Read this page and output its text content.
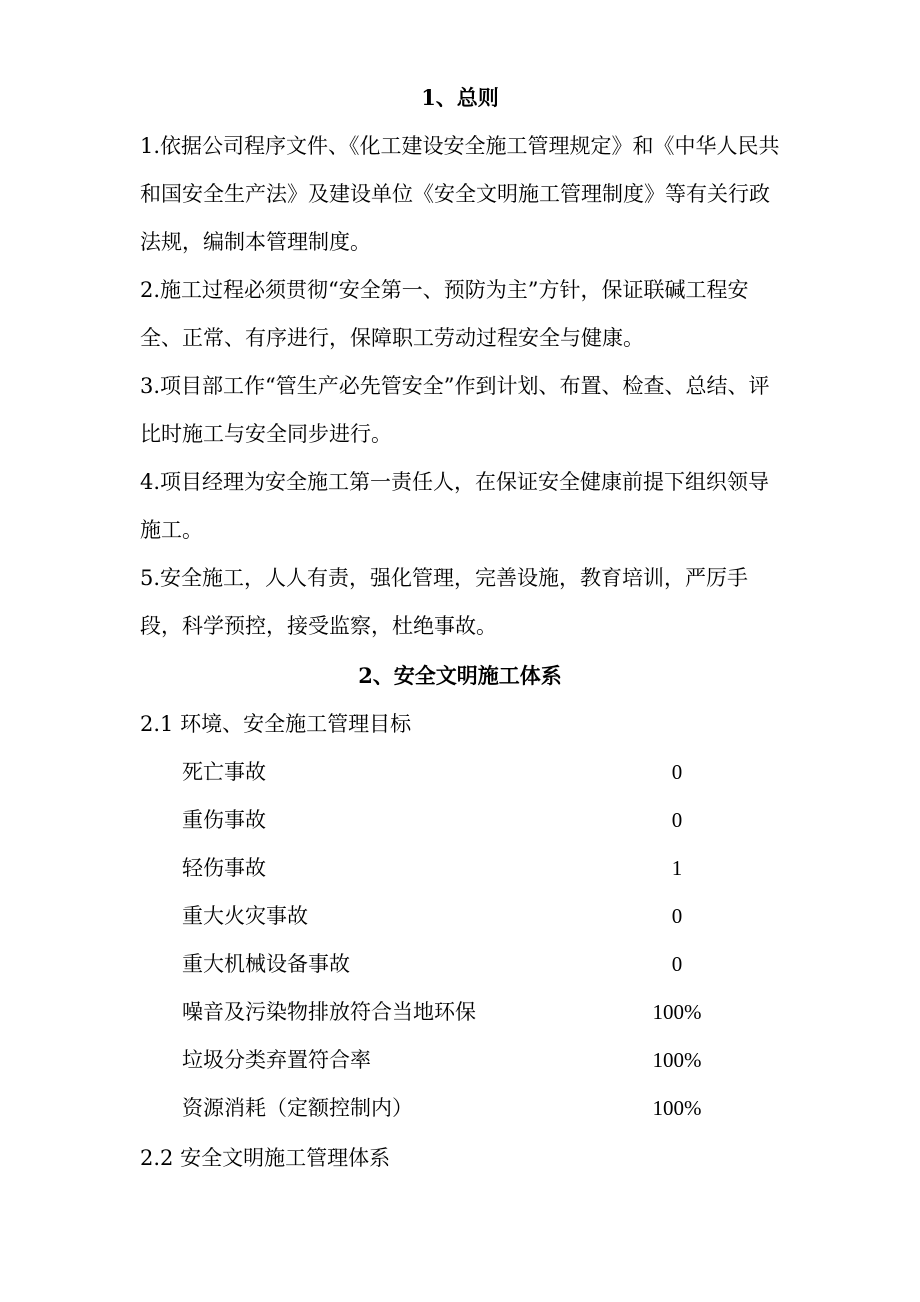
1、总则

1.依据公司程序文件、《化工建设安全施工管理规定》和《中华人民共和国安全生产法》及建设单位《安全文明施工管理制度》等有关行政法规，编制本管理制度。

2.施工过程必须贯彻“安全第一、预防为主”方针，保证联碱工程安全、正常、有序进行，保障职工劳动过程安全与健康。

3.项目部工作“管生产必先管安全”作到计划、布置、检查、总结、评比时施工与安全同步进行。

4.项目经理为安全施工第一责任人，在保证安全健康前提下组织领导施工。

5.安全施工，人人有责，强化管理，完善设施，教育培训，严厉手段，科学预控，接受监察，杜绝事故。

2、安全文明施工体系
2.1 环境、安全施工管理目标
死亡事故	0
重伤事故	0
轻伤事故	1
重大火灾事故	0
重大机械设备事故	0
噪音及污染物排放符合当地环保	100%
垃圾分类弃置符合率	100%
资源消耗（定额控制内）	100%
2.2 安全文明施工管理体系
